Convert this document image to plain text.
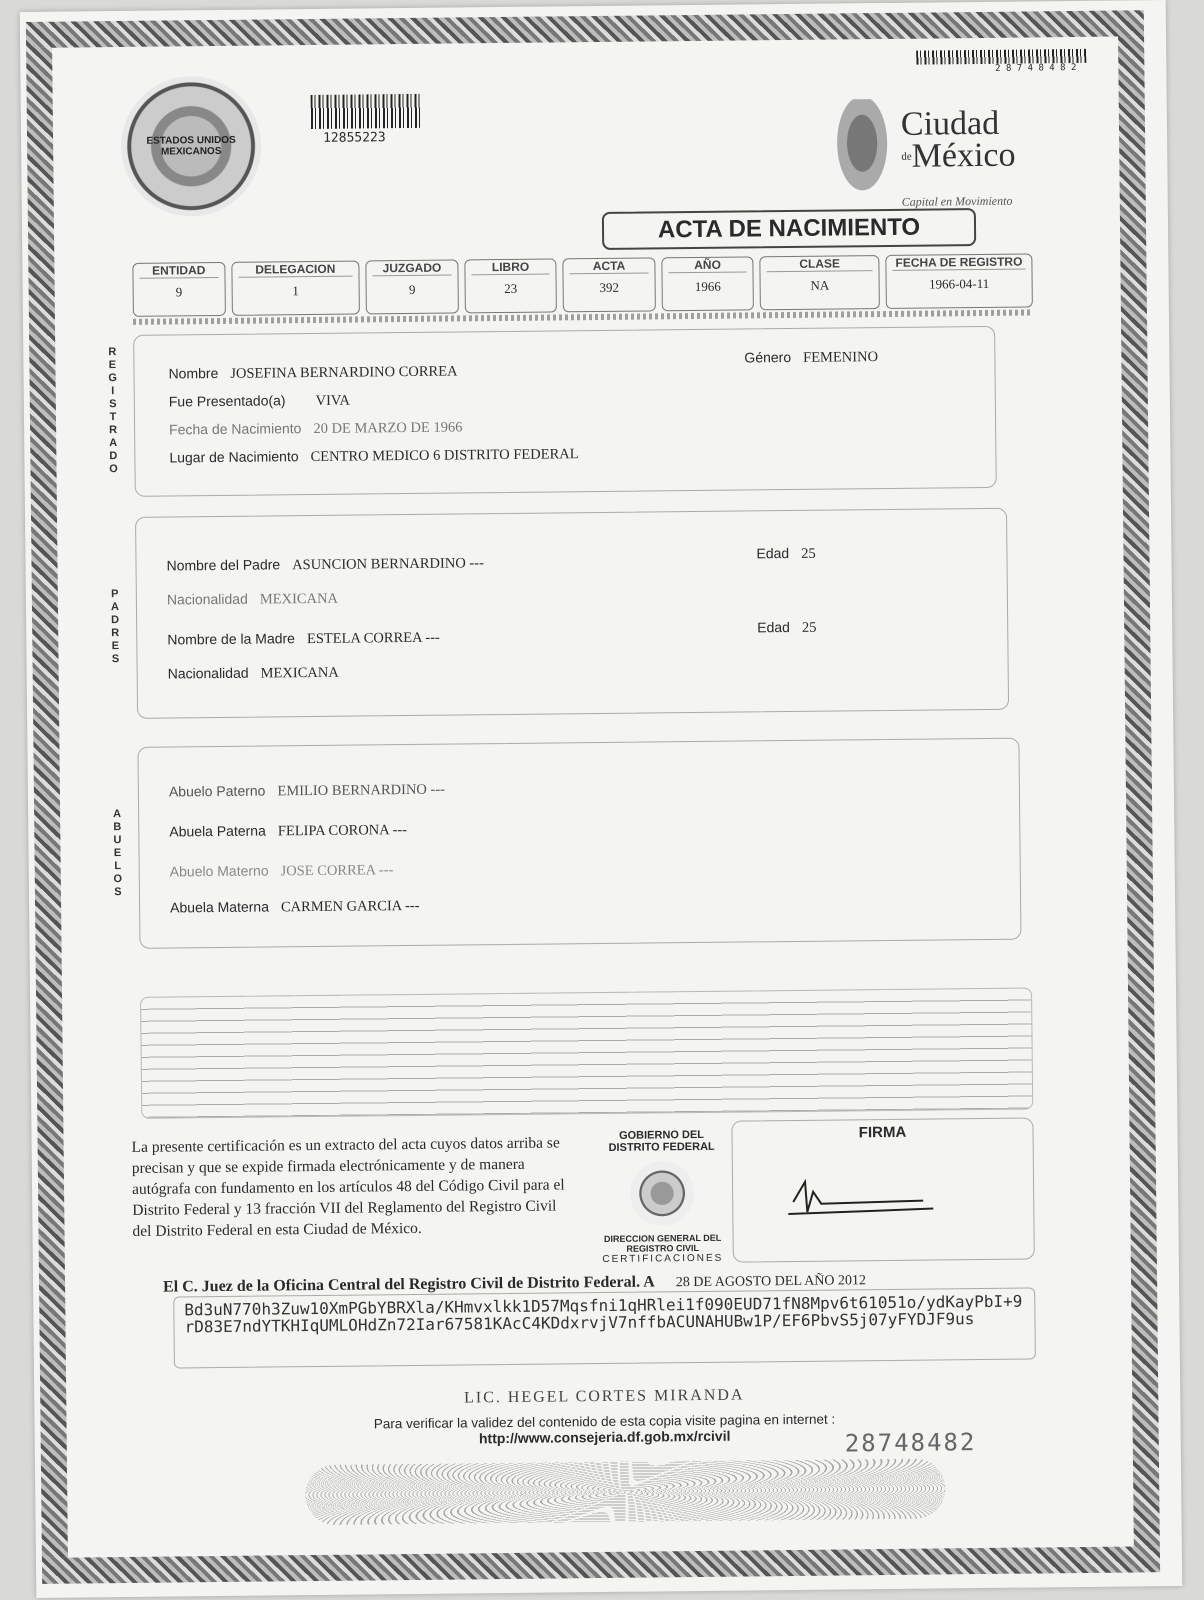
ESTADOS UNIDOS MEXICANOS
12855223
2 8 7 4 8 4 8 2
Ciudad
$^{de}$México
Capital en Movimiento
ACTA DE NACIMIENTO
ENTIDAD
9
DELEGACION
1
JUZGADO
9
LIBRO
23
ACTA
392
AÑO
1966
CLASE
NA
FECHA DE REGISTRO
1966-04-11
R
E
G
I
S
T
R
A
D
O
Nombre JOSEFINA BERNARDINO CORREA
Género FEMENINO
Fue Presentado(a) VIVA
Fecha de Nacimiento 20 DE MARZO DE 1966
Lugar de Nacimiento CENTRO MEDICO 6 DISTRITO FEDERAL
P
A
D
R
E
S
Nombre del Padre ASUNCION BERNARDINO ---
Edad 25
Nacionalidad MEXICANA
Nombre de la Madre ESTELA CORREA ---
Edad 25
Nacionalidad MEXICANA
A
B
U
E
L
O
S
Abuelo Paterno EMILIO BERNARDINO ---
Abuela Paterna FELIPA CORONA ---
Abuelo Materno JOSE CORREA ---
Abuela Materna CARMEN GARCIA ---
La presente certificación es un extracto del acta cuyos datos arriba se precisan y que se expide firmada electrónicamente y de manera autógrafa con fundamento en los artículos 48 del Código Civil para el Distrito Federal y 13 fracción VII del Reglamento del Registro Civil del Distrito Federal en esta Ciudad de México.
GOBIERNO DEL
DISTRITO FEDERAL
DIRECCION GENERAL DEL
REGISTRO CIVIL
CERTIFICACIONES
FIRMA
El C. Juez de la Oficina Central del Registro Civil de Distrito Federal. A 28 DE AGOSTO DEL AÑO 2012
Bd3uN770h3Zuw10XmPGbYBRXla/KHmvxlkk1D57Mqsfni1qHRlei1f090EUD71fN8Mpv6t61051o/ydKayPbI+9rD83E7ndYTKHIqUMLOHdZn72Iar67581KAcC4KDdxrvjV7nffbACUNAHUBw1P/EF6PbvS5j07yFYDJF9us
LIC. HEGEL CORTES MIRANDA
Para verificar la validez del contenido de esta copia visite pagina en internet :
http://www.consejeria.df.gob.mx/rcivil	28748482
